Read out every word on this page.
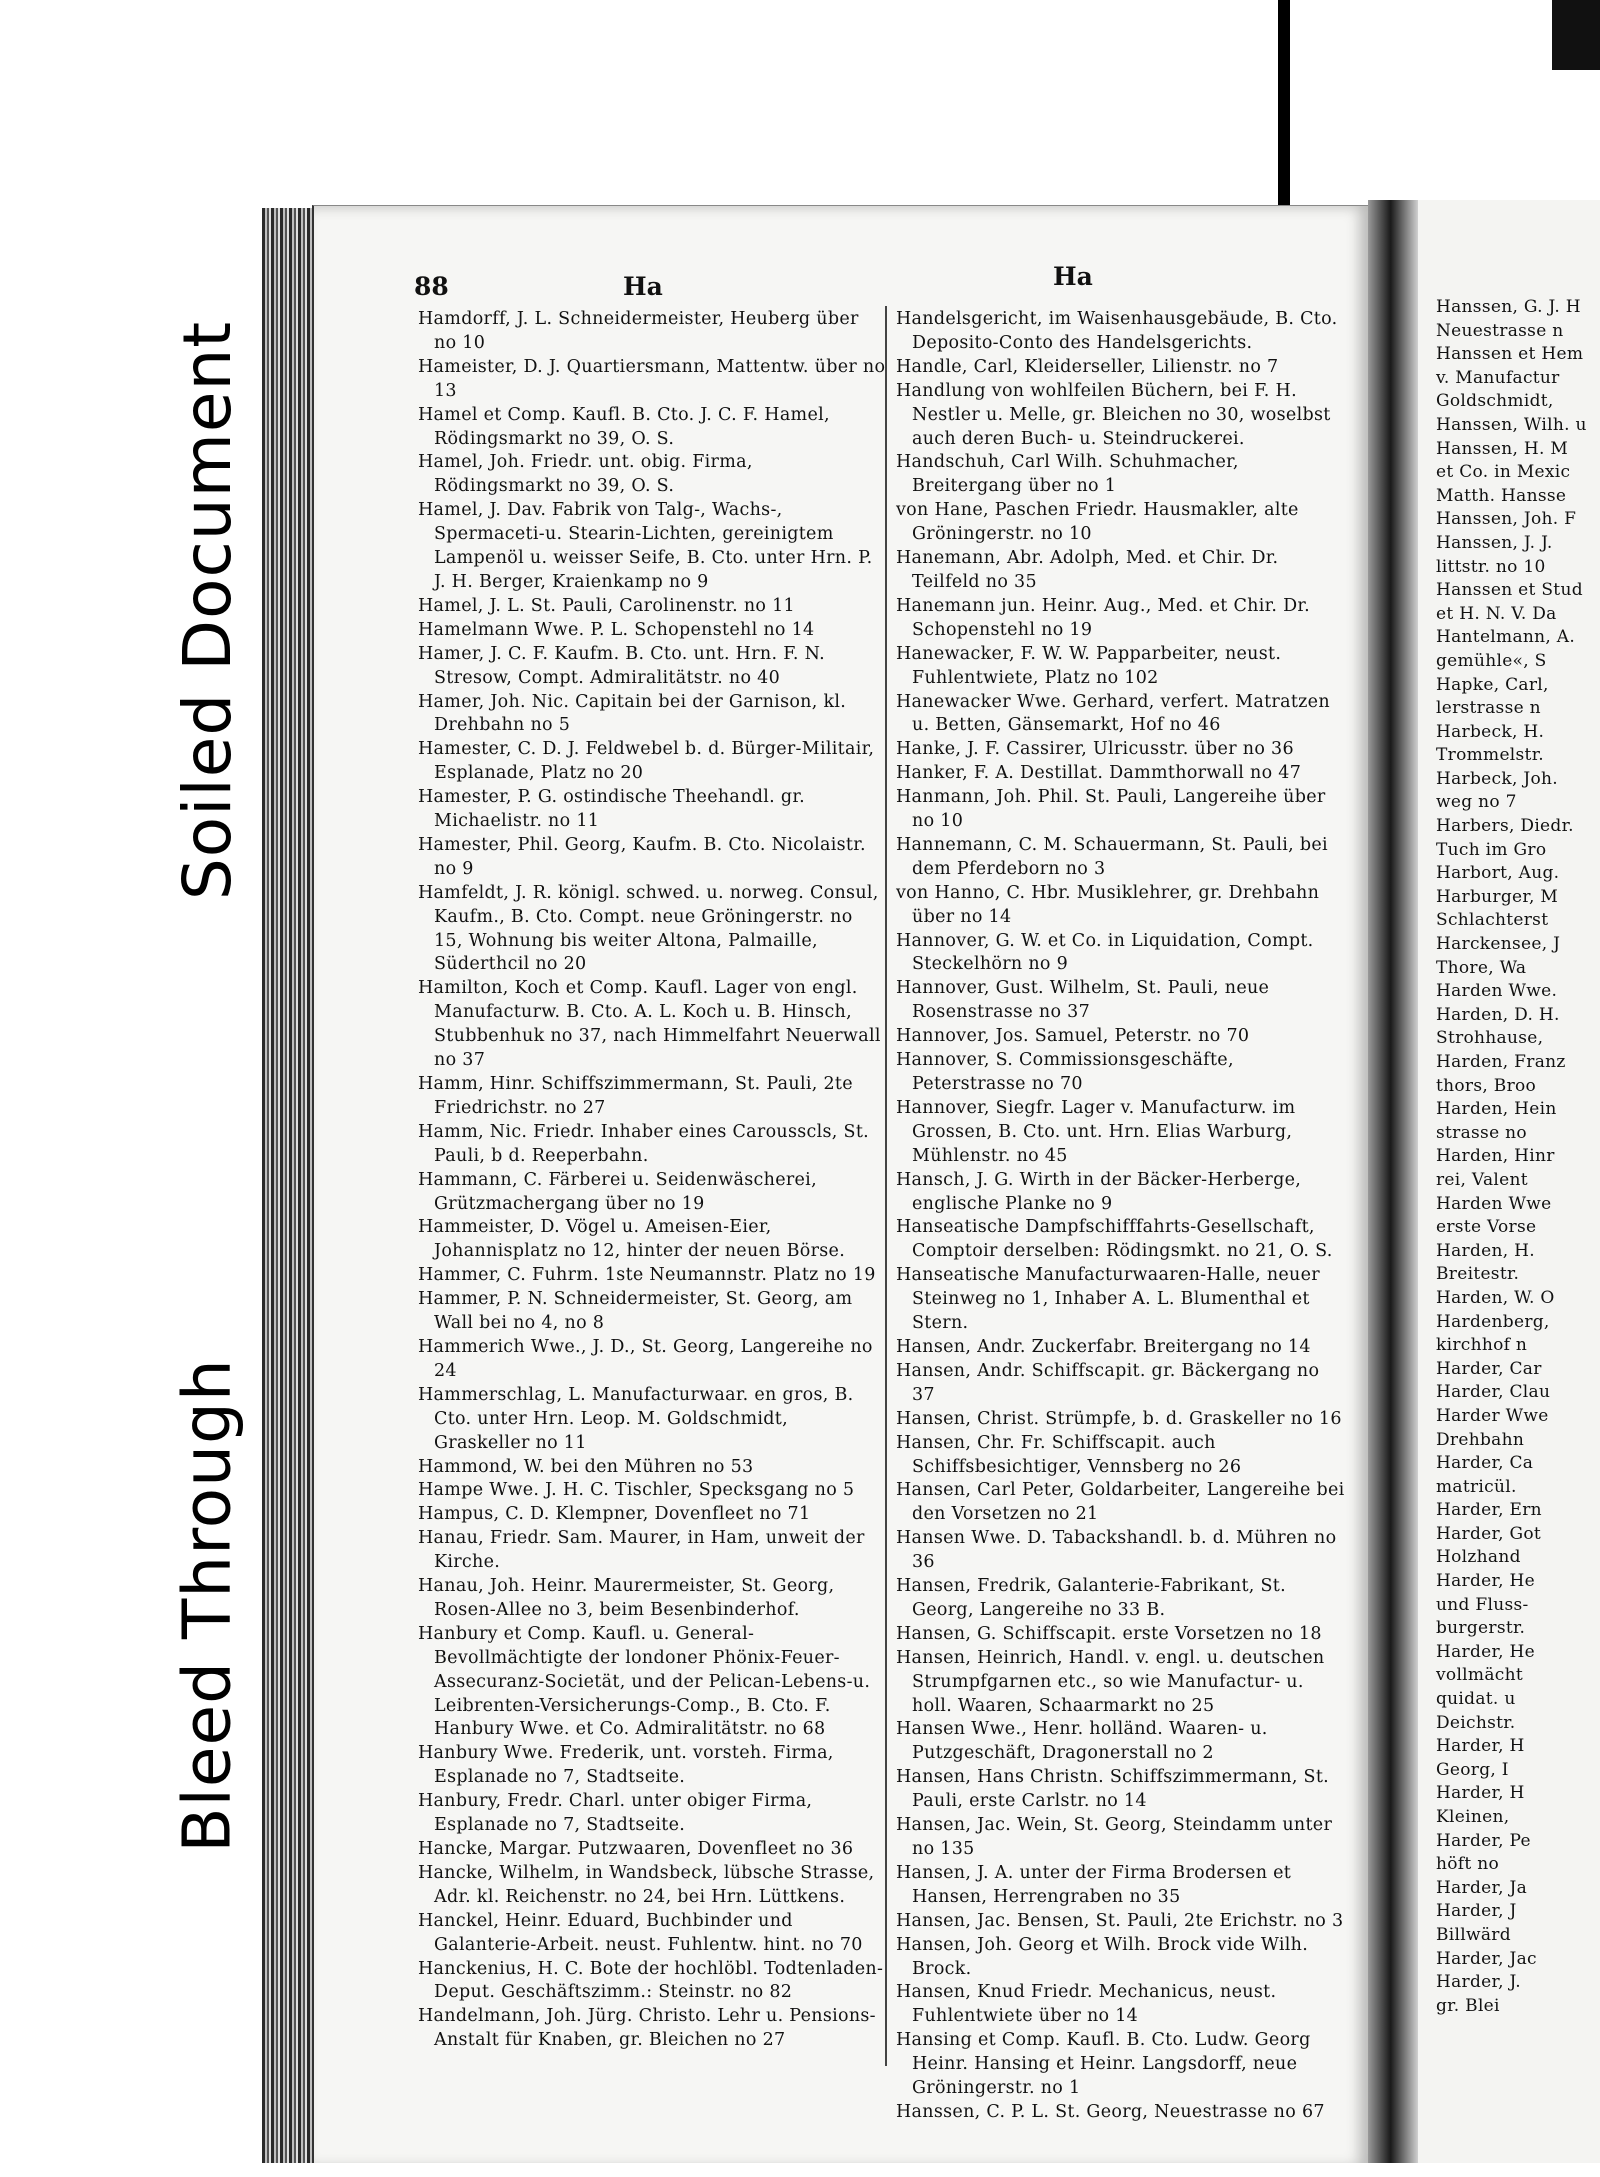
Soiled Document
Bleed Through
88	Ha	Ha
Hamdorff, J. L. Schneidermeister, Heuberg über no 10
Hameister, D. J. Quartiersmann, Mattentw. über no 13
Hamel et Comp. Kaufl. B. Cto. J. C. F. Hamel, Rödingsmarkt no 39, O. S.
Hamel, Joh. Friedr. unt. obig. Firma, Rödingsmarkt no 39, O. S.
Hamel, J. Dav. Fabrik von Talg-, Wachs-, Spermaceti-u. Stearin-Lichten, gereinigtem Lampenöl u. weisser Seife, B. Cto. unter Hrn. P. J. H. Berger, Kraienkamp no 9
Hamel, J. L. St. Pauli, Carolinenstr. no 11
Hamelmann Wwe. P. L. Schopenstehl no 14
Hamer, J. C. F. Kaufm. B. Cto. unt. Hrn. F. N. Stresow, Compt. Admiralitätstr. no 40
Hamer, Joh. Nic. Capitain bei der Garnison, kl. Drehbahn no 5
Hamester, C. D. J. Feldwebel b. d. Bürger-Militair, Esplanade, Platz no 20
Hamester, P. G. ostindische Theehandl. gr. Michaelistr. no 11
Hamester, Phil. Georg, Kaufm. B. Cto. Nicolaistr. no 9
Hamfeldt, J. R. königl. schwed. u. norweg. Consul, Kaufm., B. Cto. Compt. neue Gröningerstr. no 15, Wohnung bis weiter Altona, Palmaille, Süderthcil no 20
Hamilton, Koch et Comp. Kaufl. Lager von engl. Manufacturw. B. Cto. A. L. Koch u. B. Hinsch, Stubbenhuk no 37, nach Himmelfahrt Neuerwall no 37
Hamm, Hinr. Schiffszimmermann, St. Pauli, 2te Friedrichstr. no 27
Hamm, Nic. Friedr. Inhaber eines Carousscls, St. Pauli, b d. Reeperbahn.
Hammann, C. Färberei u. Seidenwäscherei, Grützmachergang über no 19
Hammeister, D. Vögel u. Ameisen-Eier, Johannisplatz no 12, hinter der neuen Börse.
Hammer, C. Fuhrm. 1ste Neumannstr. Platz no 19
Hammer, P. N. Schneidermeister, St. Georg, am Wall bei no 4, no 8
Hammerich Wwe., J. D., St. Georg, Langereihe no 24
Hammerschlag, L. Manufacturwaar. en gros, B. Cto. unter Hrn. Leop. M. Goldschmidt, Graskeller no 11
Hammond, W. bei den Mühren no 53
Hampe Wwe. J. H. C. Tischler, Specksgang no 5
Hampus, C. D. Klempner, Dovenfleet no 71
Hanau, Friedr. Sam. Maurer, in Ham, unweit der Kirche.
Hanau, Joh. Heinr. Maurermeister, St. Georg, Rosen-Allee no 3, beim Besenbinderhof.
Hanbury et Comp. Kaufl. u. General-Bevollmächtigte der londoner Phönix-Feuer-Assecuranz-Societät, und der Pelican-Lebens-u. Leibrenten-Versicherungs-Comp., B. Cto. F. Hanbury Wwe. et Co. Admiralitätstr. no 68
Hanbury Wwe. Frederik, unt. vorsteh. Firma, Esplanade no 7, Stadtseite.
Hanbury, Fredr. Charl. unter obiger Firma, Esplanade no 7, Stadtseite.
Hancke, Margar. Putzwaaren, Dovenfleet no 36
Hancke, Wilhelm, in Wandsbeck, lübsche Strasse, Adr. kl. Reichenstr. no 24, bei Hrn. Lüttkens.
Hanckel, Heinr. Eduard, Buchbinder und Galanterie-Arbeit. neust. Fuhlentw. hint. no 70
Hanckenius, H. C. Bote der hochlöbl. Todtenladen-Deput. Geschäftszimm.: Steinstr. no 82
Handelmann, Joh. Jürg. Christo. Lehr u. Pensions-Anstalt für Knaben, gr. Bleichen no 27
Handelsgericht, im Waisenhausgebäude, B. Cto. Deposito-Conto des Handelsgerichts.
Handle, Carl, Kleiderseller, Lilienstr. no 7
Handlung von wohlfeilen Büchern, bei F. H. Nestler u. Melle, gr. Bleichen no 30, woselbst auch deren Buch- u. Steindruckerei.
Handschuh, Carl Wilh. Schuhmacher, Breitergang über no 1
von Hane, Paschen Friedr. Hausmakler, alte Gröningerstr. no 10
Hanemann, Abr. Adolph, Med. et Chir. Dr. Teilfeld no 35
Hanemann jun. Heinr. Aug., Med. et Chir. Dr. Schopenstehl no 19
Hanewacker, F. W. W. Papparbeiter, neust. Fuhlentwiete, Platz no 102
Hanewacker Wwe. Gerhard, verfert. Matratzen u. Betten, Gänsemarkt, Hof no 46
Hanke, J. F. Cassirer, Ulricusstr. über no 36
Hanker, F. A. Destillat. Dammthorwall no 47
Hanmann, Joh. Phil. St. Pauli, Langereihe über no 10
Hannemann, C. M. Schauermann, St. Pauli, bei dem Pferdeborn no 3
von Hanno, C. Hbr. Musiklehrer, gr. Drehbahn über no 14
Hannover, G. W. et Co. in Liquidation, Compt. Steckelhörn no 9
Hannover, Gust. Wilhelm, St. Pauli, neue Rosenstrasse no 37
Hannover, Jos. Samuel, Peterstr. no 70
Hannover, S. Commissionsgeschäfte, Peterstrasse no 70
Hannover, Siegfr. Lager v. Manufacturw. im Grossen, B. Cto. unt. Hrn. Elias Warburg, Mühlenstr. no 45
Hansch, J. G. Wirth in der Bäcker-Herberge, englische Planke no 9
Hanseatische Dampfschifffahrts-Gesellschaft, Comptoir derselben: Rödingsmkt. no 21, O. S.
Hanseatische Manufacturwaaren-Halle, neuer Steinweg no 1, Inhaber A. L. Blumenthal et Stern.
Hansen, Andr. Zuckerfabr. Breitergang no 14
Hansen, Andr. Schiffscapit. gr. Bäckergang no 37
Hansen, Christ. Strümpfe, b. d. Graskeller no 16
Hansen, Chr. Fr. Schiffscapit. auch Schiffsbesichtiger, Vennsberg no 26
Hansen, Carl Peter, Goldarbeiter, Langereihe bei den Vorsetzen no 21
Hansen Wwe. D. Tabackshandl. b. d. Mühren no 36
Hansen, Fredrik, Galanterie-Fabrikant, St. Georg, Langereihe no 33 B.
Hansen, G. Schiffscapit. erste Vorsetzen no 18
Hansen, Heinrich, Handl. v. engl. u. deutschen Strumpfgarnen etc., so wie Manufactur- u. holl. Waaren, Schaarmarkt no 25
Hansen Wwe., Henr. holländ. Waaren- u. Putzgeschäft, Dragonerstall no 2
Hansen, Hans Christn. Schiffszimmermann, St. Pauli, erste Carlstr. no 14
Hansen, Jac. Wein, St. Georg, Steindamm unter no 135
Hansen, J. A. unter der Firma Brodersen et Hansen, Herrengraben no 35
Hansen, Jac. Bensen, St. Pauli, 2te Erichstr. no 3
Hansen, Joh. Georg et Wilh. Brock vide Wilh. Brock.
Hansen, Knud Friedr. Mechanicus, neust. Fuhlentwiete über no 14
Hansing et Comp. Kaufl. B. Cto. Ludw. Georg Heinr. Hansing et Heinr. Langsdorff, neue Gröningerstr. no 1
Hanssen, C. P. L. St. Georg, Neuestrasse no 67
Hanssen, G. J. H
Neuestrasse n
Hanssen et Hem
v. Manufactur
Goldschmidt,
Hanssen, Wilh. u
Hanssen, H. M
et Co. in Mexic
Matth. Hansse
Hanssen, Joh. F
Hanssen, J. J.
littstr. no 10
Hanssen et Stud
et H. N. V. Da
Hantelmann, A.
gemühle«, S
Hapke, Carl,
lerstrasse n
Harbeck, H.
Trommelstr.
Harbeck, Joh.
weg no 7
Harbers, Diedr.
Tuch im Gro
Harbort, Aug.
Harburger, M
Schlachterst
Harckensee, J
Thore, Wa
Harden Wwe.
Harden, D. H.
Strohhause,
Harden, Franz
thors, Broo
Harden, Hein
strasse no
Harden, Hinr
rei, Valent
Harden Wwe
erste Vorse
Harden, H.
Breitestr.
Harden, W. O
Hardenberg,
kirchhof n
Harder, Car
Harder, Clau
Harder Wwe
Drehbahn
Harder, Ca
matricül.
Harder, Ern
Harder, Got
Holzhand
Harder, He
und Fluss-
burgerstr.
Harder, He
vollmächt
quidat. u
Deichstr.
Harder, H
Georg, I
Harder, H
Kleinen,
Harder, Pe
höft no
Harder, Ja
Harder, J
Billwärd
Harder, Jac
Harder, J.
gr. Blei
